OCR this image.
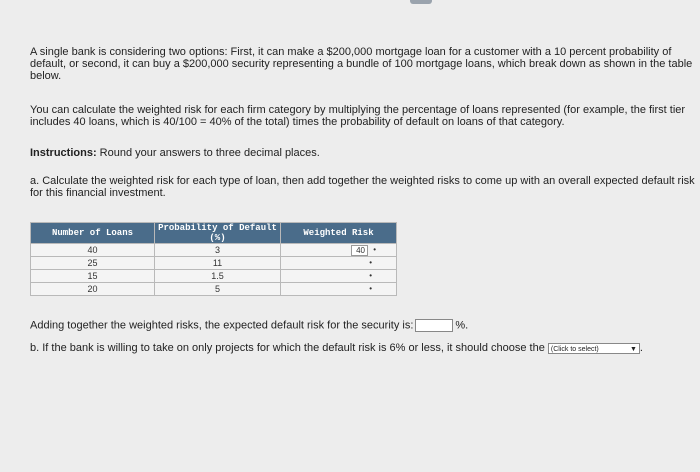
A single bank is considering two options: First, it can make a $200,000 mortgage loan for a customer with a 10 percent probability of default, or second, it can buy a $200,000 security representing a bundle of 100 mortgage loans, which break down as shown in the table below.
You can calculate the weighted risk for each firm category by multiplying the percentage of loans represented (for example, the first tier includes 40 loans, which is 40/100 = 40% of the total) times the probability of default on loans of that category.
Instructions: Round your answers to three decimal places.
a. Calculate the weighted risk for each type of loan, then add together the weighted risks to come up with an overall expected default risk for this financial investment.
Number of Loans	Probability of Default (%)	Weighted Risk
40	3	40 •

25	11	•

15	1.5	•

20	5	•
Adding together the weighted risks, the expected default risk for the security is:	%.
b. If the bank is willing to take on only projects for which the default risk is 6% or less, it should choose the (Click to select)	▼ .
